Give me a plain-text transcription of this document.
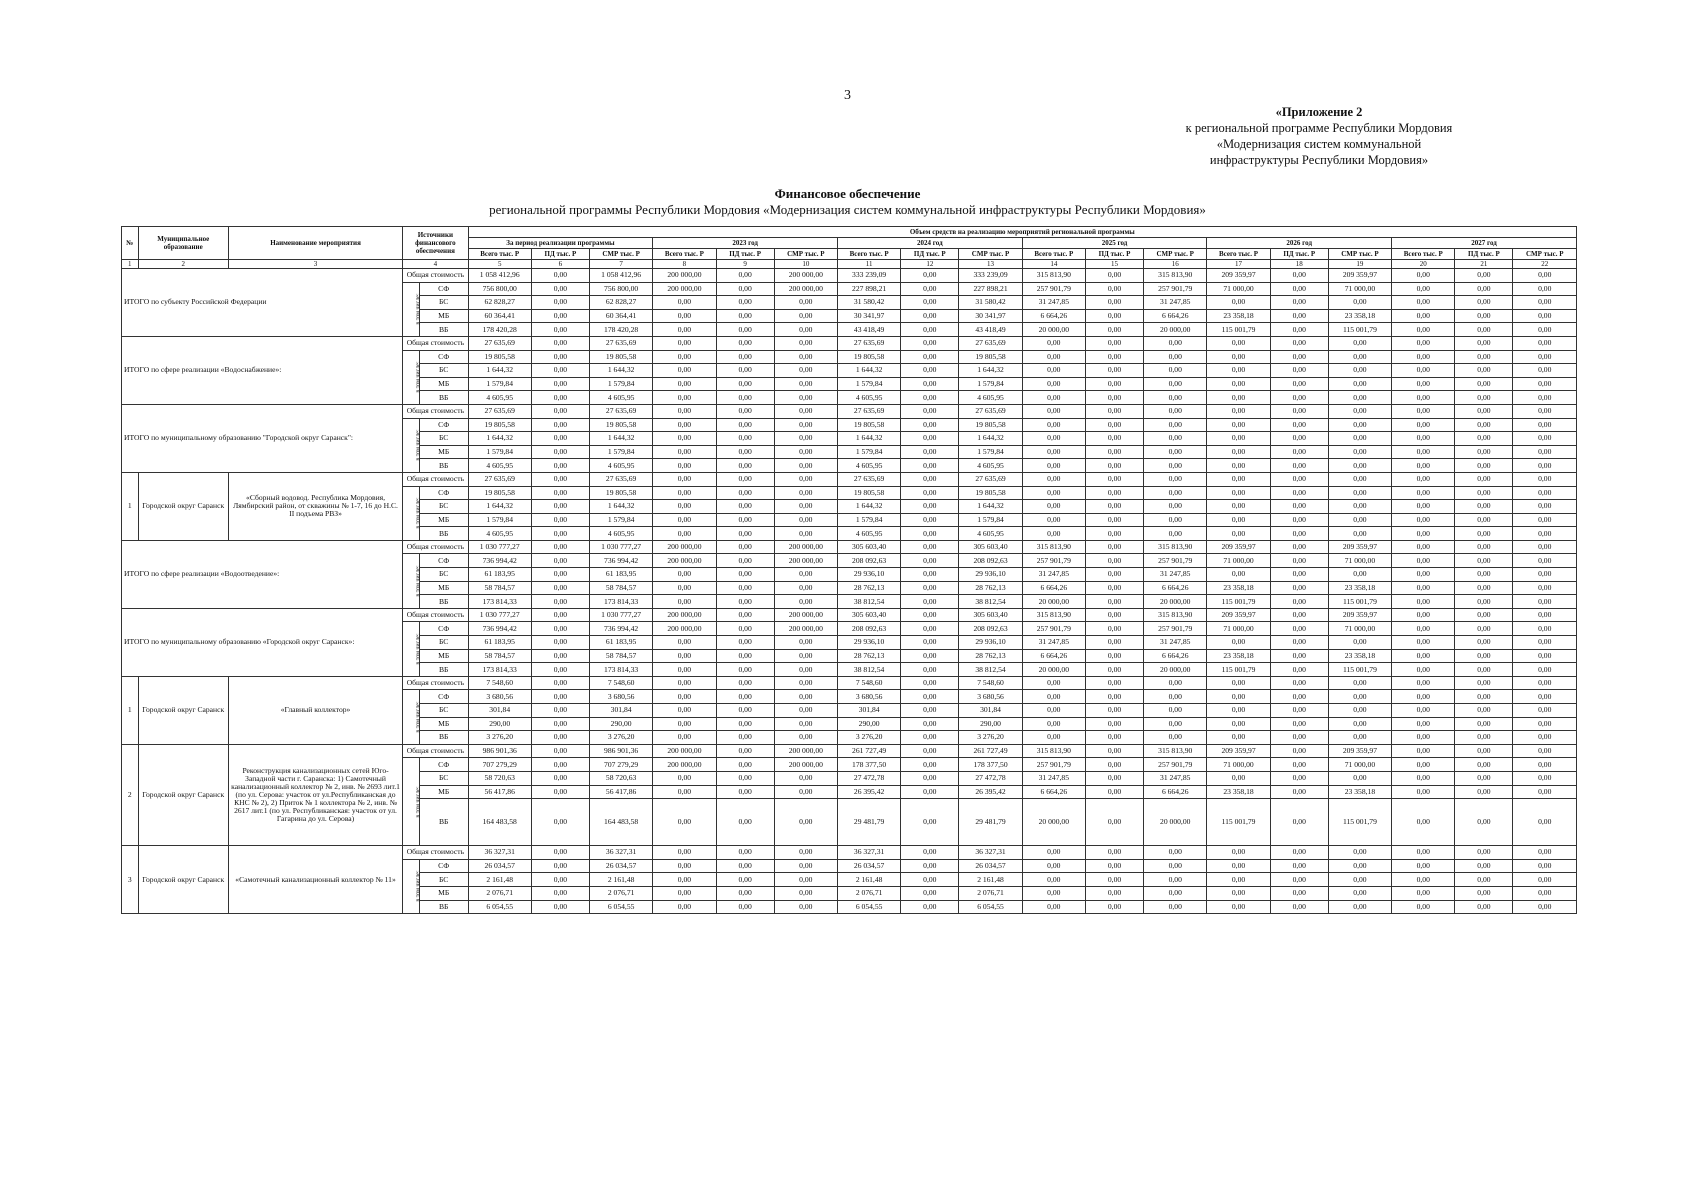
3
«Приложение 2
к региональной программе Республики Мордовия
«Модернизация систем коммунальной
инфраструктуры Республики Мордовия»
Финансовое обеспечение
региональной программы Республики Мордовия «Модернизация систем коммунальной инфраструктуры Республики Мордовия»
№	Муниципальное образование	Наименование мероприятия	Источники финансового обеспечения		Объем средств на реализацию мероприятий региональной программы																	
					За период реализации программы			2023 год			2024 год			2025 год			2026 год			2027 год		
					Всего тыс. Р	ПД тыс. Р	СМР тыс. Р	Всего тыс. Р	ПД тыс. Р	СМР тыс. Р	Всего тыс. Р	ПД тыс. Р	СМР тыс. Р	Всего тыс. Р	ПД тыс. Р	СМР тыс. Р	Всего тыс. Р	ПД тыс. Р	СМР тыс. Р	Всего тыс. Р	ПД тыс. Р	СМР тыс. Р
1	2	3	4		5	6	7	8	9	10	11	12	13	14	15	16	17	18	19	20	21	22
ИТОГО по субъекту Российской Федерации			Общая стоимость		1 058 412,96	0,00	1 058 412,96	200 000,00	0,00	200 000,00	333 239,09	0,00	333 239,09	315 813,90	0,00	315 813,90	209 359,97	0,00	209 359,97	0,00	0,00	0,00
			в том числе:	СФ	756 800,00	0,00	756 800,00	200 000,00	0,00	200 000,00	227 898,21	0,00	227 898,21	257 901,79	0,00	257 901,79	71 000,00	0,00	71 000,00	0,00	0,00	0,00
				БС	62 828,27	0,00	62 828,27	0,00	0,00	0,00	31 580,42	0,00	31 580,42	31 247,85	0,00	31 247,85	0,00	0,00	0,00	0,00	0,00	0,00
				МБ	60 364,41	0,00	60 364,41	0,00	0,00	0,00	30 341,97	0,00	30 341,97	6 664,26	0,00	6 664,26	23 358,18	0,00	23 358,18	0,00	0,00	0,00
				ВБ	178 420,28	0,00	178 420,28	0,00	0,00	0,00	43 418,49	0,00	43 418,49	20 000,00	0,00	20 000,00	115 001,79	0,00	115 001,79	0,00	0,00	0,00
ИТОГО по сфере реализации «Водоснабжение»:			Общая стоимость		27 635,69	0,00	27 635,69	0,00	0,00	0,00	27 635,69	0,00	27 635,69	0,00	0,00	0,00	0,00	0,00	0,00	0,00	0,00	0,00
			в том числе:	СФ	19 805,58	0,00	19 805,58	0,00	0,00	0,00	19 805,58	0,00	19 805,58	0,00	0,00	0,00	0,00	0,00	0,00	0,00	0,00	0,00
				БС	1 644,32	0,00	1 644,32	0,00	0,00	0,00	1 644,32	0,00	1 644,32	0,00	0,00	0,00	0,00	0,00	0,00	0,00	0,00	0,00
				МБ	1 579,84	0,00	1 579,84	0,00	0,00	0,00	1 579,84	0,00	1 579,84	0,00	0,00	0,00	0,00	0,00	0,00	0,00	0,00	0,00
				ВБ	4 605,95	0,00	4 605,95	0,00	0,00	0,00	4 605,95	0,00	4 605,95	0,00	0,00	0,00	0,00	0,00	0,00	0,00	0,00	0,00
ИТОГО по муниципальному образованию "Городской округ Саранск":			Общая стоимость		27 635,69	0,00	27 635,69	0,00	0,00	0,00	27 635,69	0,00	27 635,69	0,00	0,00	0,00	0,00	0,00	0,00	0,00	0,00	0,00
			в том числе:	СФ	19 805,58	0,00	19 805,58	0,00	0,00	0,00	19 805,58	0,00	19 805,58	0,00	0,00	0,00	0,00	0,00	0,00	0,00	0,00	0,00
				БС	1 644,32	0,00	1 644,32	0,00	0,00	0,00	1 644,32	0,00	1 644,32	0,00	0,00	0,00	0,00	0,00	0,00	0,00	0,00	0,00
				МБ	1 579,84	0,00	1 579,84	0,00	0,00	0,00	1 579,84	0,00	1 579,84	0,00	0,00	0,00	0,00	0,00	0,00	0,00	0,00	0,00
				ВБ	4 605,95	0,00	4 605,95	0,00	0,00	0,00	4 605,95	0,00	4 605,95	0,00	0,00	0,00	0,00	0,00	0,00	0,00	0,00	0,00
1	Городской округ Саранск	«Сборный водовод. Республика Мордовия, Лямбирский район, от скважины № 1-7, 16 до Н.С. II подъема РВЗ»	Общая стоимость		27 635,69	0,00	27 635,69	0,00	0,00	0,00	27 635,69	0,00	27 635,69	0,00	0,00	0,00	0,00	0,00	0,00	0,00	0,00	0,00
			в том числе:	СФ	19 805,58	0,00	19 805,58	0,00	0,00	0,00	19 805,58	0,00	19 805,58	0,00	0,00	0,00	0,00	0,00	0,00	0,00	0,00	0,00
				БС	1 644,32	0,00	1 644,32	0,00	0,00	0,00	1 644,32	0,00	1 644,32	0,00	0,00	0,00	0,00	0,00	0,00	0,00	0,00	0,00
				МБ	1 579,84	0,00	1 579,84	0,00	0,00	0,00	1 579,84	0,00	1 579,84	0,00	0,00	0,00	0,00	0,00	0,00	0,00	0,00	0,00
				ВБ	4 605,95	0,00	4 605,95	0,00	0,00	0,00	4 605,95	0,00	4 605,95	0,00	0,00	0,00	0,00	0,00	0,00	0,00	0,00	0,00
ИТОГО по сфере реализации «Водоотведение»:			Общая стоимость		1 030 777,27	0,00	1 030 777,27	200 000,00	0,00	200 000,00	305 603,40	0,00	305 603,40	315 813,90	0,00	315 813,90	209 359,97	0,00	209 359,97	0,00	0,00	0,00
			в том числе:	СФ	736 994,42	0,00	736 994,42	200 000,00	0,00	200 000,00	208 092,63	0,00	208 092,63	257 901,79	0,00	257 901,79	71 000,00	0,00	71 000,00	0,00	0,00	0,00
				БС	61 183,95	0,00	61 183,95	0,00	0,00	0,00	29 936,10	0,00	29 936,10	31 247,85	0,00	31 247,85	0,00	0,00	0,00	0,00	0,00	0,00
				МБ	58 784,57	0,00	58 784,57	0,00	0,00	0,00	28 762,13	0,00	28 762,13	6 664,26	0,00	6 664,26	23 358,18	0,00	23 358,18	0,00	0,00	0,00
				ВБ	173 814,33	0,00	173 814,33	0,00	0,00	0,00	38 812,54	0,00	38 812,54	20 000,00	0,00	20 000,00	115 001,79	0,00	115 001,79	0,00	0,00	0,00
ИТОГО по муниципальному образованию «Городской округ Саранск»:			Общая стоимость		1 030 777,27	0,00	1 030 777,27	200 000,00	0,00	200 000,00	305 603,40	0,00	305 603,40	315 813,90	0,00	315 813,90	209 359,97	0,00	209 359,97	0,00	0,00	0,00
			в том числе:	СФ	736 994,42	0,00	736 994,42	200 000,00	0,00	200 000,00	208 092,63	0,00	208 092,63	257 901,79	0,00	257 901,79	71 000,00	0,00	71 000,00	0,00	0,00	0,00
				БС	61 183,95	0,00	61 183,95	0,00	0,00	0,00	29 936,10	0,00	29 936,10	31 247,85	0,00	31 247,85	0,00	0,00	0,00	0,00	0,00	0,00
				МБ	58 784,57	0,00	58 784,57	0,00	0,00	0,00	28 762,13	0,00	28 762,13	6 664,26	0,00	6 664,26	23 358,18	0,00	23 358,18	0,00	0,00	0,00
				ВБ	173 814,33	0,00	173 814,33	0,00	0,00	0,00	38 812,54	0,00	38 812,54	20 000,00	0,00	20 000,00	115 001,79	0,00	115 001,79	0,00	0,00	0,00
1	Городской округ Саранск	«Главный коллектор»	Общая стоимость		7 548,60	0,00	7 548,60	0,00	0,00	0,00	7 548,60	0,00	7 548,60	0,00	0,00	0,00	0,00	0,00	0,00	0,00	0,00	0,00
			в том числе:	СФ	3 680,56	0,00	3 680,56	0,00	0,00	0,00	3 680,56	0,00	3 680,56	0,00	0,00	0,00	0,00	0,00	0,00	0,00	0,00	0,00
				БС	301,84	0,00	301,84	0,00	0,00	0,00	301,84	0,00	301,84	0,00	0,00	0,00	0,00	0,00	0,00	0,00	0,00	0,00
				МБ	290,00	0,00	290,00	0,00	0,00	0,00	290,00	0,00	290,00	0,00	0,00	0,00	0,00	0,00	0,00	0,00	0,00	0,00
				ВБ	3 276,20	0,00	3 276,20	0,00	0,00	0,00	3 276,20	0,00	3 276,20	0,00	0,00	0,00	0,00	0,00	0,00	0,00	0,00	0,00
2	Городской округ Саранск	Реконструкция канализационных сетей Юго-Западной части г. Саранска: 1) Самотечный канализационный коллектор № 2, инв. № 2693 лит.1 (по ул. Серова: участок от ул.Республиканская до КНС № 2), 2) Приток № 1 коллектора № 2, инв. № 2617 лит.1 (по ул. Республиканская: участок от ул. Гагарина до ул. Серова)	Общая стоимость		986 901,36	0,00	986 901,36	200 000,00	0,00	200 000,00	261 727,49	0,00	261 727,49	315 813,90	0,00	315 813,90	209 359,97	0,00	209 359,97	0,00	0,00	0,00
			в том числе:	СФ	707 279,29	0,00	707 279,29	200 000,00	0,00	200 000,00	178 377,50	0,00	178 377,50	257 901,79	0,00	257 901,79	71 000,00	0,00	71 000,00	0,00	0,00	0,00
				БС	58 720,63	0,00	58 720,63	0,00	0,00	0,00	27 472,78	0,00	27 472,78	31 247,85	0,00	31 247,85	0,00	0,00	0,00	0,00	0,00	0,00
				МБ	56 417,86	0,00	56 417,86	0,00	0,00	0,00	26 395,42	0,00	26 395,42	6 664,26	0,00	6 664,26	23 358,18	0,00	23 358,18	0,00	0,00	0,00
				ВБ	164 483,58	0,00	164 483,58	0,00	0,00	0,00	29 481,79	0,00	29 481,79	20 000,00	0,00	20 000,00	115 001,79	0,00	115 001,79	0,00	0,00	0,00
3	Городской округ Саранск	«Самотечный канализационный коллектор № 11»	Общая стоимость		36 327,31	0,00	36 327,31	0,00	0,00	0,00	36 327,31	0,00	36 327,31	0,00	0,00	0,00	0,00	0,00	0,00	0,00	0,00	0,00
			в том числе:	СФ	26 034,57	0,00	26 034,57	0,00	0,00	0,00	26 034,57	0,00	26 034,57	0,00	0,00	0,00	0,00	0,00	0,00	0,00	0,00	0,00
				БС	2 161,48	0,00	2 161,48	0,00	0,00	0,00	2 161,48	0,00	2 161,48	0,00	0,00	0,00	0,00	0,00	0,00	0,00	0,00	0,00
				МБ	2 076,71	0,00	2 076,71	0,00	0,00	0,00	2 076,71	0,00	2 076,71	0,00	0,00	0,00	0,00	0,00	0,00	0,00	0,00	0,00
				ВБ	6 054,55	0,00	6 054,55	0,00	0,00	0,00	6 054,55	0,00	6 054,55	0,00	0,00	0,00	0,00	0,00	0,00	0,00	0,00	0,00
